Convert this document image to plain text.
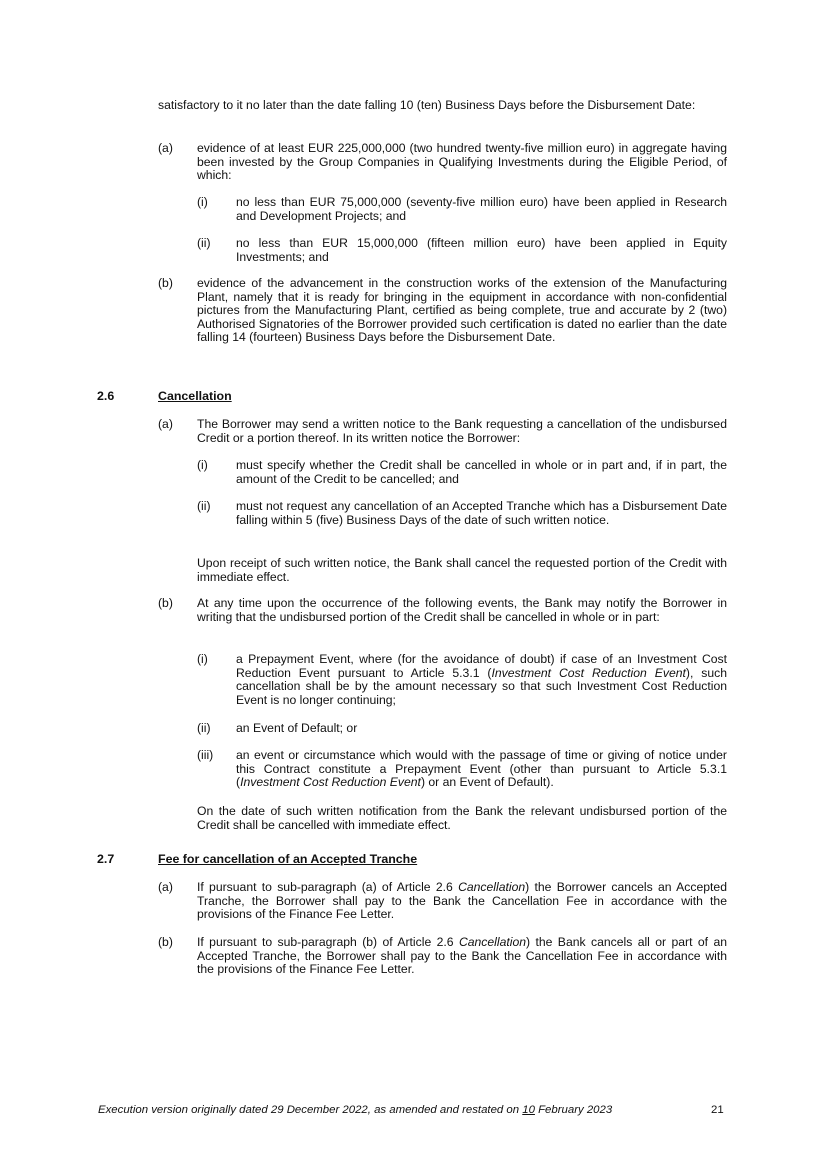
satisfactory to it no later than the date falling 10 (ten) Business Days before the Disbursement Date:

(a) evidence of at least EUR 225,000,000 (two hundred twenty-five million euro) in aggregate having been invested by the Group Companies in Qualifying Investments during the Eligible Period, of which:

(i) no less than EUR 75,000,000 (seventy-five million euro) have been applied in Research and Development Projects; and

(ii) no less than EUR 15,000,000 (fifteen million euro) have been applied in Equity Investments; and

(b) evidence of the advancement in the construction works of the extension of the Manufacturing Plant, namely that it is ready for bringing in the equipment in accordance with non-confidential pictures from the Manufacturing Plant, certified as being complete, true and accurate by 2 (two) Authorised Signatories of the Borrower provided such certification is dated no earlier than the date falling 14 (fourteen) Business Days before the Disbursement Date.

2.6	Cancellation
(a) The Borrower may send a written notice to the Bank requesting a cancellation of the undisbursed Credit or a portion thereof. In its written notice the Borrower:

(i) must specify whether the Credit shall be cancelled in whole or in part and, if in part, the amount of the Credit to be cancelled; and

(ii) must not request any cancellation of an Accepted Tranche which has a Disbursement Date falling within 5 (five) Business Days of the date of such written notice.

Upon receipt of such written notice, the Bank shall cancel the requested portion of the Credit with immediate effect.

(b) At any time upon the occurrence of the following events, the Bank may notify the Borrower in writing that the undisbursed portion of the Credit shall be cancelled in whole or in part:

(i) a Prepayment Event, where (for the avoidance of doubt) if case of an Investment Cost Reduction Event pursuant to Article 5.3.1 (Investment Cost Reduction Event), such cancellation shall be by the amount necessary so that such Investment Cost Reduction Event is no longer continuing;

(ii) an Event of Default; or

(iii) an event or circumstance which would with the passage of time or giving of notice under this Contract constitute a Prepayment Event (other than pursuant to Article 5.3.1 (Investment Cost Reduction Event) or an Event of Default).

On the date of such written notification from the Bank the relevant undisbursed portion of the Credit shall be cancelled with immediate effect.

2.7	Fee for cancellation of an Accepted Tranche
(a) If pursuant to sub-paragraph (a) of Article 2.6 Cancellation) the Borrower cancels an Accepted Tranche, the Borrower shall pay to the Bank the Cancellation Fee in accordance with the provisions of the Finance Fee Letter.

(b) If pursuant to sub-paragraph (b) of Article 2.6 Cancellation) the Bank cancels all or part of an Accepted Tranche, the Borrower shall pay to the Bank the Cancellation Fee in accordance with the provisions of the Finance Fee Letter.

Execution version originally dated 29 December 2022, as amended and restated on 10 February 2023	21
